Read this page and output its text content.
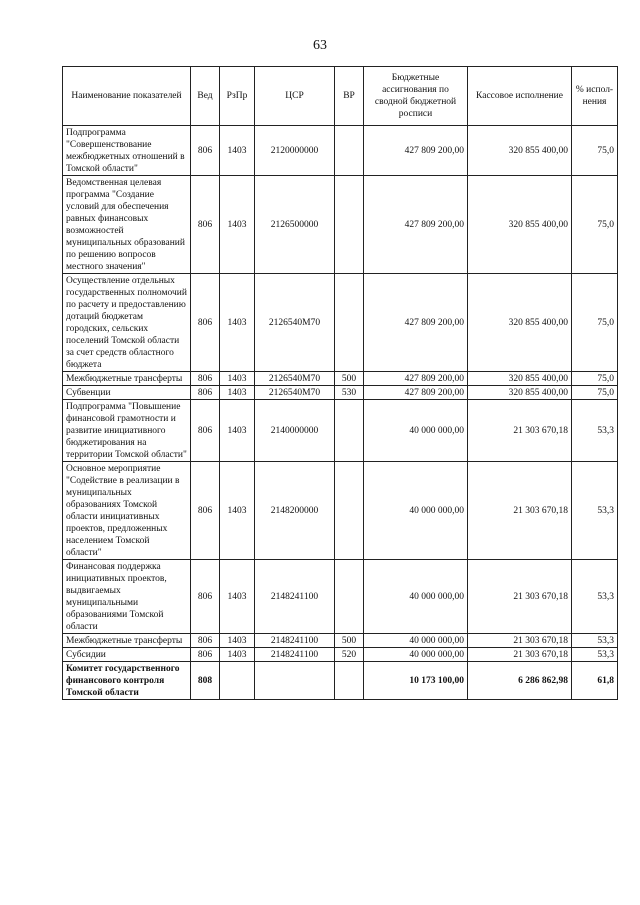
63
Наименование показателей	Вед	РзПр	ЦСР	ВР	Бюджетные ассигнования по сводной бюджетной росписи	Кассовое исполнение	% испол-нения
Подпрограмма "Совершенствование межбюджетных отношений в Томской области"	806	1403	2120000000		427 809 200,00	320 855 400,00	75,0
Ведомственная целевая программа "Создание условий для обеспечения равных финансовых возможностей муниципальных образований по решению вопросов местного значения"	806	1403	2126500000		427 809 200,00	320 855 400,00	75,0
Осуществление отдельных государственных полномочий по расчету и предоставлению дотаций бюджетам городских, сельских поселений Томской области за счет средств областного бюджета	806	1403	2126540М70		427 809 200,00	320 855 400,00	75,0
Межбюджетные трансферты	806	1403	2126540М70	500	427 809 200,00	320 855 400,00	75,0
Субвенции	806	1403	2126540М70	530	427 809 200,00	320 855 400,00	75,0
Подпрограмма "Повышение финансовой грамотности и развитие инициативного бюджетирования на территории Томской области"	806	1403	2140000000		40 000 000,00	21 303 670,18	53,3
Основное мероприятие "Содействие в реализации в муниципальных образованиях Томской области инициативных проектов, предложенных населением Томской области"	806	1403	2148200000		40 000 000,00	21 303 670,18	53,3
Финансовая поддержка инициативных проектов, выдвигаемых муниципальными образованиями Томской области	806	1403	2148241100		40 000 000,00	21 303 670,18	53,3
Межбюджетные трансферты	806	1403	2148241100	500	40 000 000,00	21 303 670,18	53,3
Субсидии	806	1403	2148241100	520	40 000 000,00	21 303 670,18	53,3
Комитет государственного финансового контроля Томской области	808				10 173 100,00	6 286 862,98	61,8
